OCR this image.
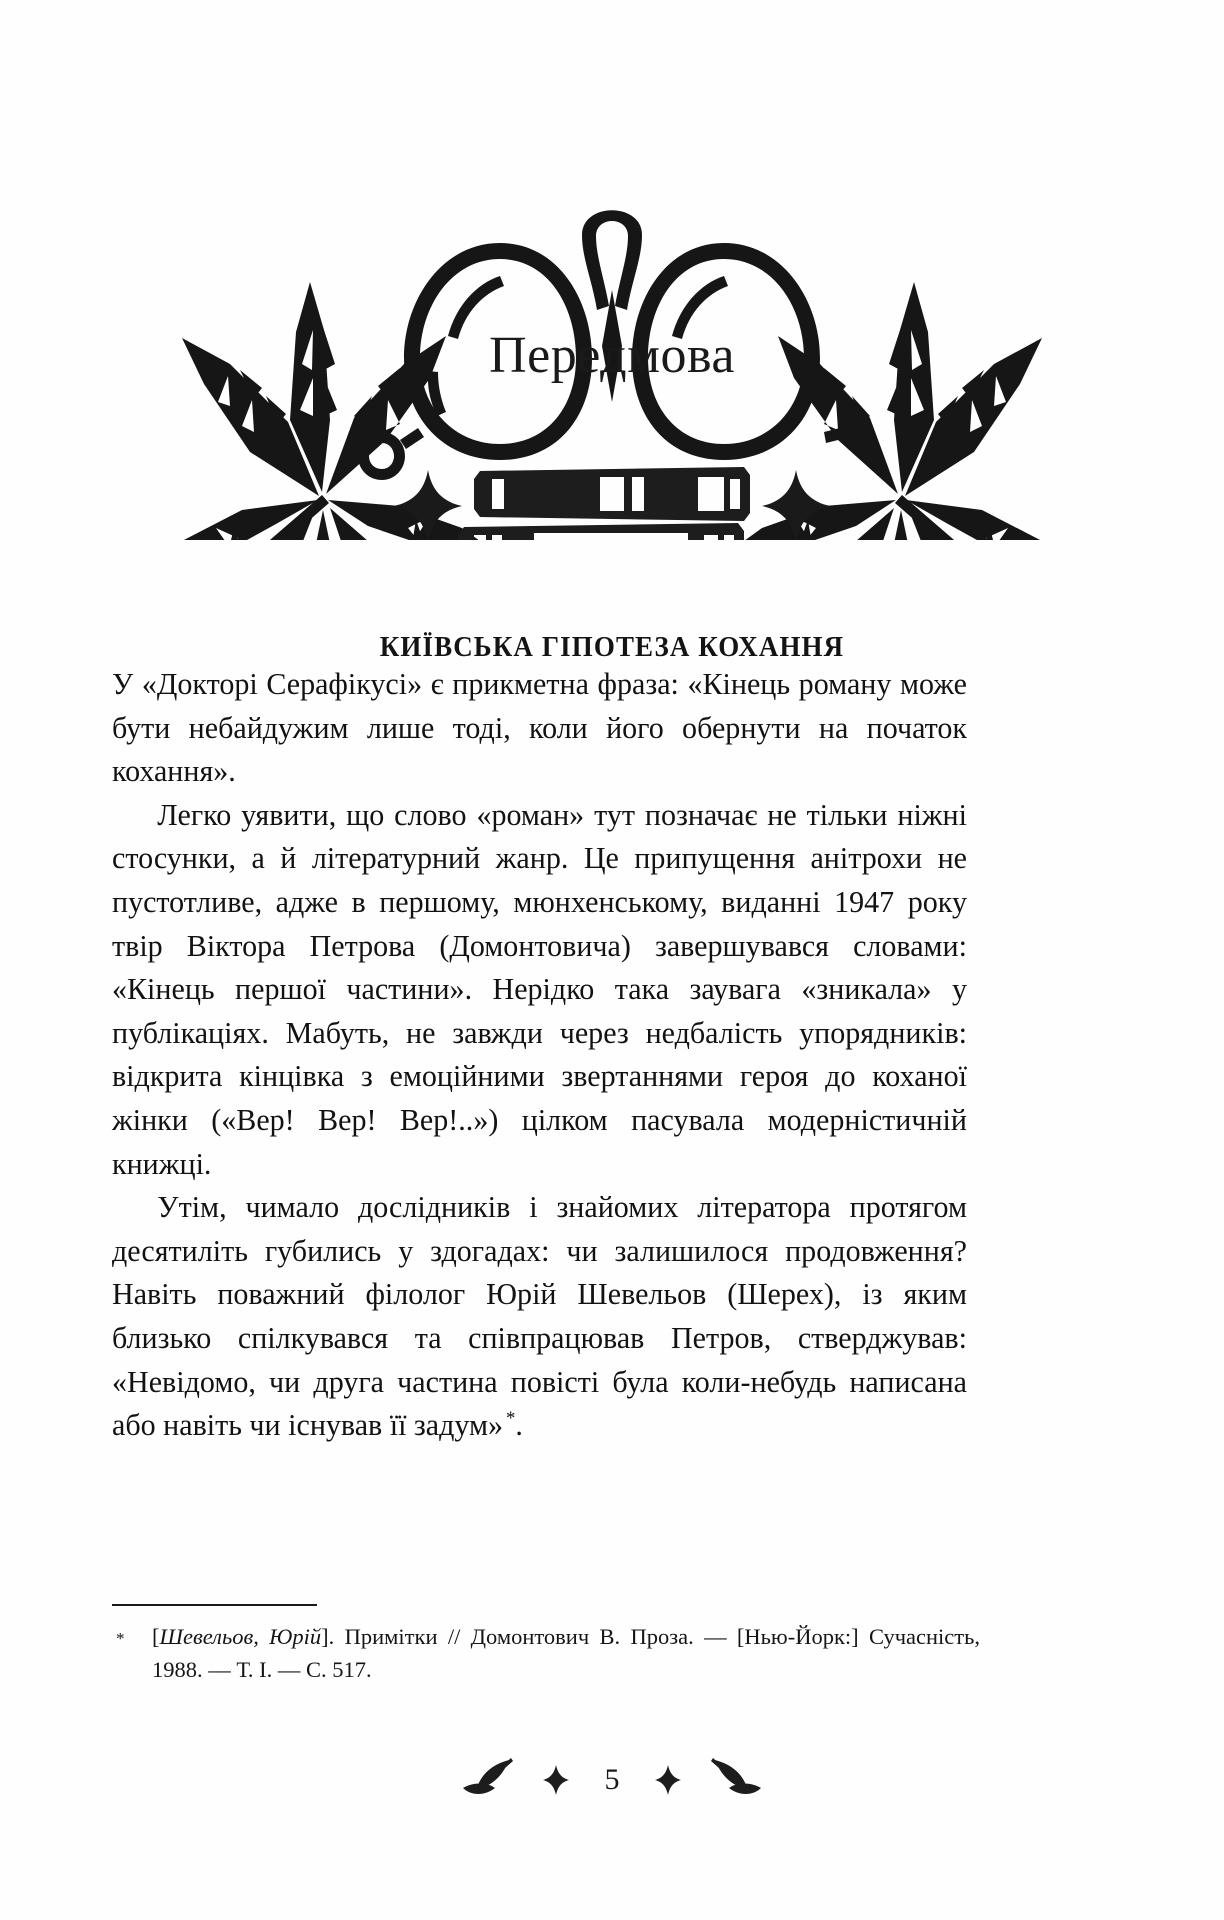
Передмова
КИЇВСЬКА ГІПОТЕЗА КОХАННЯ

У «Докторі Серафікусі» є прикметна фраза: «Кінець роману може бути небайдужим лише тоді, коли його обернути на початок кохання».

Легко уявити, що слово «роман» тут позначає не тільки ніжні стосунки, а й літературний жанр. Це припущення анітрохи не пустотливе, адже в першому, мюнхенському, виданні 1947 року твір Віктора Петрова (Домонтовича) завершувався словами: «Кінець першої частини». Нерідко така заувага «зникала» у публікаціях. Мабуть, не завжди через недбалість упорядників: відкрита кінцівка з емоційними звертаннями героя до коханої жінки («Вер! Вер! Вер!..») цілком пасувала модерністичній книжці.

Утім, чимало дослідників і знайомих літератора протягом десятиліть губились у здогадах: чи залишилося продовження? Навіть поважний філолог Юрій Шевельов (Шерех), із яким близько спілкувався та співпрацював Петров, стверджував: «Невідомо, чи друга частина повісті була коли-небудь написана або навіть чи існував її задум» *.

* [Шевельов, Юрій]. Примітки // Домонтович В. Проза. — [Нью-Йорк:] Сучасність, 1988. — Т. I. — С. 517.
5
